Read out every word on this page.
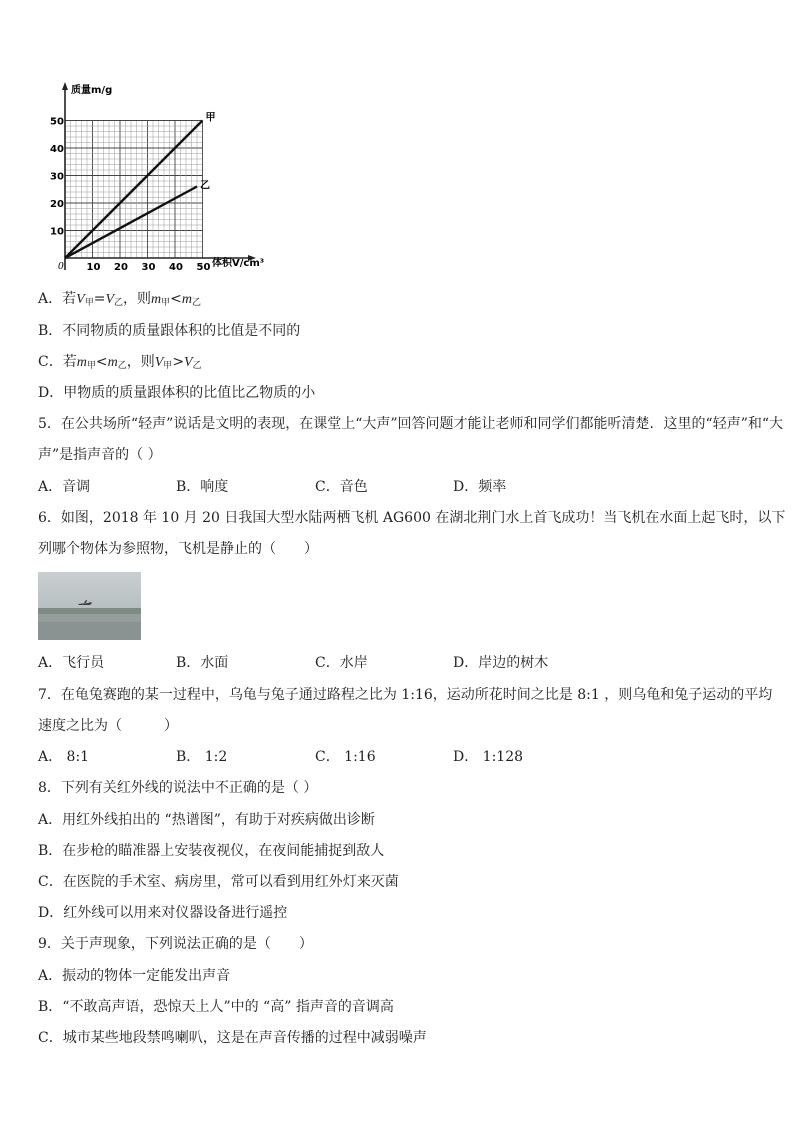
质量m/g
体积V/cm³
0 10 20 30 40 50
10
20
30
40
50	甲
乙
A．若$V_甲=V_乙$，则$m_甲<m_乙$
B．不同物质的质量跟体积的比值是不同的
C．若$m_甲<m_乙$，则$V_甲>V_乙$
D．甲物质的质量跟体积的比值比乙物质的小
5．在公共场所“轻声”说话是文明的表现，在课堂上“大声”回答问题才能让老师和同学们都能听清楚．这里的“轻声”和“大
声”是指声音的（ ）
A．音调	B．响度	C．音色	D．频率
6．如图，2018 年 10 月 20 日我国大型水陆两栖飞机 AG600 在湖北荆门水上首飞成功！当飞机在水面上起飞时，以下
列哪个物体为参照物，飞机是静止的（　　）
A．飞行员	B．水面	C．水岸	D．岸边的树木
7．在龟兔赛跑的某一过程中，乌龟与兔子通过路程之比为 1:16，运动所花时间之比是 8:1 ，则乌龟和兔子运动的平均
速度之比为（　　　）
A． 8:1	B． 1:2	C． 1:16	D． 1:128
8．下列有关红外线的说法中不正确的是（ ）
A．用红外线拍出的 “热谱图”，有助于对疾病做出诊断
B．在步枪的瞄准器上安装夜视仪，在夜间能捕捉到敌人
C．在医院的手术室、病房里，常可以看到用红外灯来灭菌
D．红外线可以用来对仪器设备进行遥控
9．关于声现象，下列说法正确的是（　　）
A．振动的物体一定能发出声音
B．“不敢高声语，恐惊天上人”中的 “高” 指声音的音调高
C．城市某些地段禁鸣喇叭，这是在声音传播的过程中减弱噪声
